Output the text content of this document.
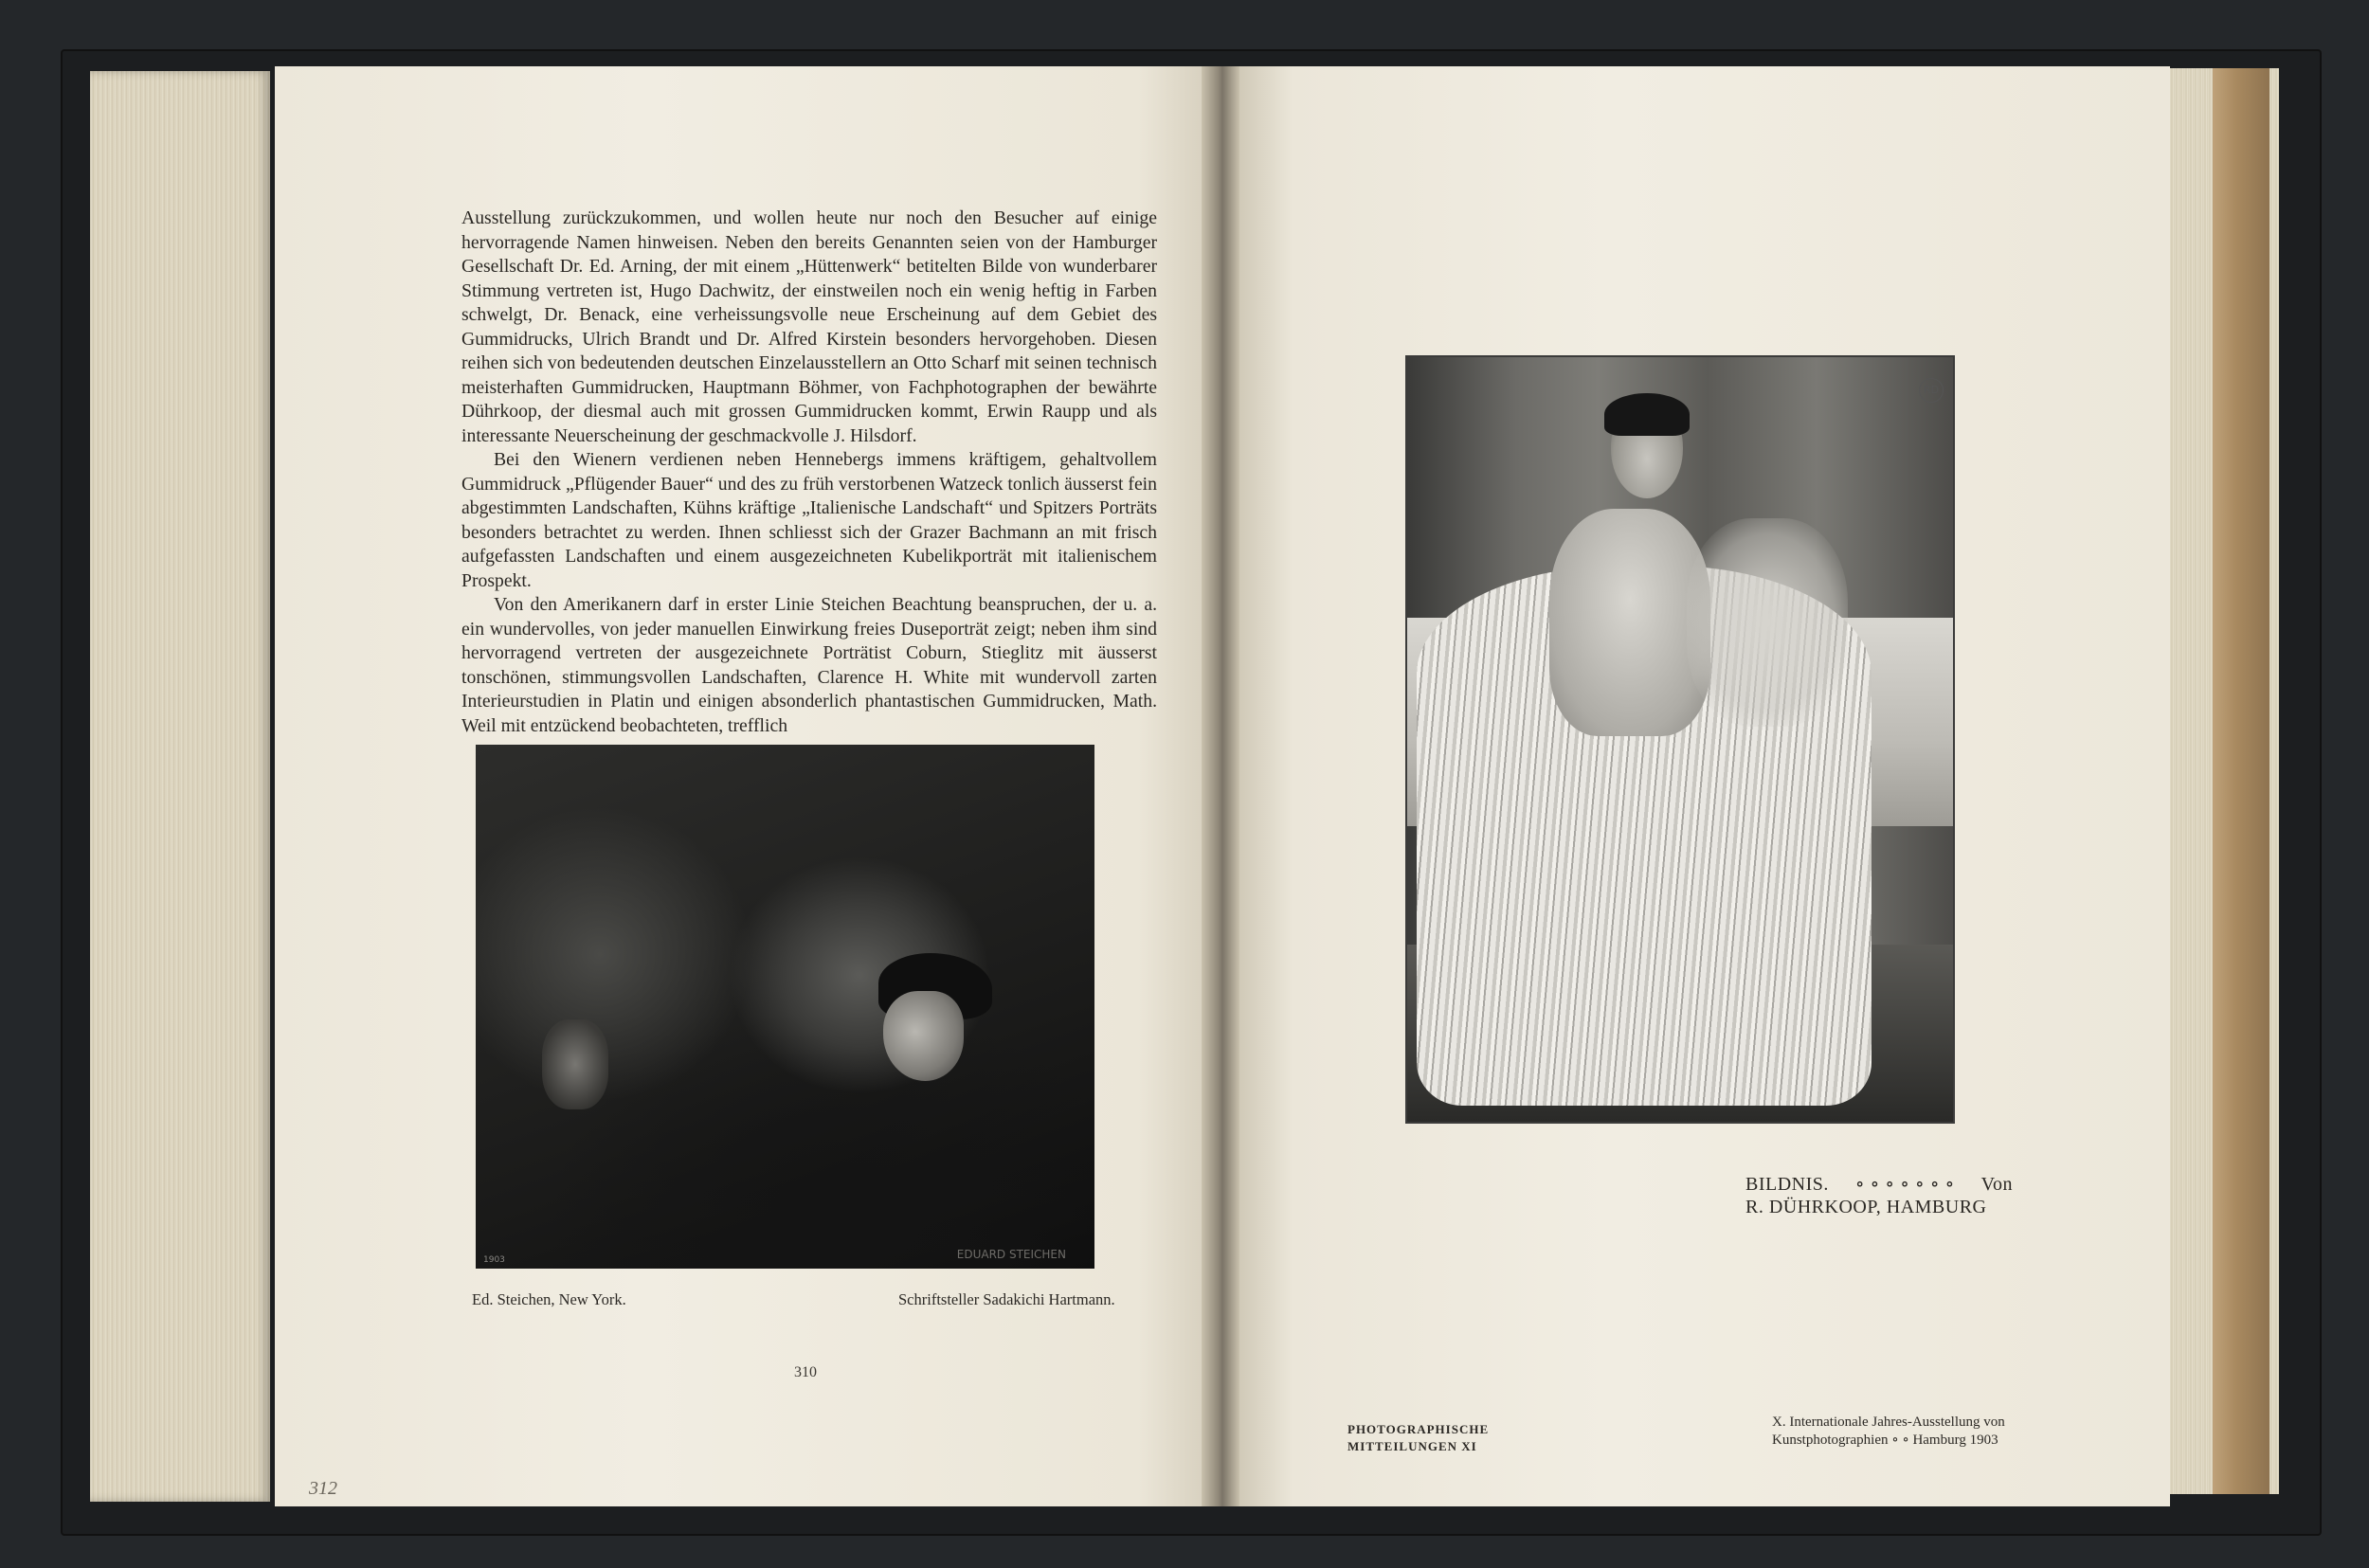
Ausstellung zurückzukommen, und wollen heute nur noch den Besucher auf einige hervorragende Namen hinweisen. Neben den bereits Genannten seien von der Hamburger Gesellschaft Dr. Ed. Arning, der mit einem „Hüttenwerk“ betitelten Bilde von wunderbarer Stimmung vertreten ist, Hugo Dachwitz, der einstweilen noch ein wenig heftig in Farben schwelgt, Dr. Benack, eine verheissungsvolle neue Erscheinung auf dem Gebiet des Gummidrucks, Ulrich Brandt und Dr. Alfred Kirstein besonders hervorgehoben. Diesen reihen sich von bedeutenden deutschen Einzelausstellern an Otto Scharf mit seinen technisch meisterhaften Gummidrucken, Hauptmann Böhmer, von Fachphotographen der bewährte Dührkoop, der diesmal auch mit grossen Gummidrucken kommt, Erwin Raupp und als interessante Neuerscheinung der geschmackvolle J. Hilsdorf.

Bei den Wienern verdienen neben Hennebergs immens kräftigem, gehaltvollem Gummidruck „Pflügender Bauer“ und des zu früh verstorbenen Watzeck tonlich äusserst fein abgestimmten Landschaften, Kühns kräftige „Italienische Landschaft“ und Spitzers Porträts besonders betrachtet zu werden. Ihnen schliesst sich der Grazer Bachmann an mit frisch aufgefassten Landschaften und einem ausgezeichneten Kubelikporträt mit italienischem Prospekt.

Von den Amerikanern darf in erster Linie Steichen Beachtung beanspruchen, der u. a. ein wundervolles, von jeder manuellen Einwirkung freies Duseporträt zeigt; neben ihm sind hervorragend vertreten der ausgezeichnete Porträtist Coburn, Stieglitz mit äusserst tonschönen, stimmungsvollen Landschaften, Clarence H. White mit wundervoll zarten Interieurstudien in Platin und einigen absonderlich phantastischen Gummidrucken, Math. Weil mit entzückend beobachteten, trefflich

EDUARD STEICHEN
1903
Ed. Steichen, New York.	Schriftsteller Sadakichi Hartmann.
310
312
RD
BILDNIS. ∘ ∘ ∘ ∘ ∘ ∘ ∘ Von
R. DÜHRKOOP, HAMBURG
PHOTOGRAPHISCHE
MITTEILUNGEN XI
X. Internationale Jahres-Ausstellung von
Kunstphotographien ∘ ∘ Hamburg 1903
